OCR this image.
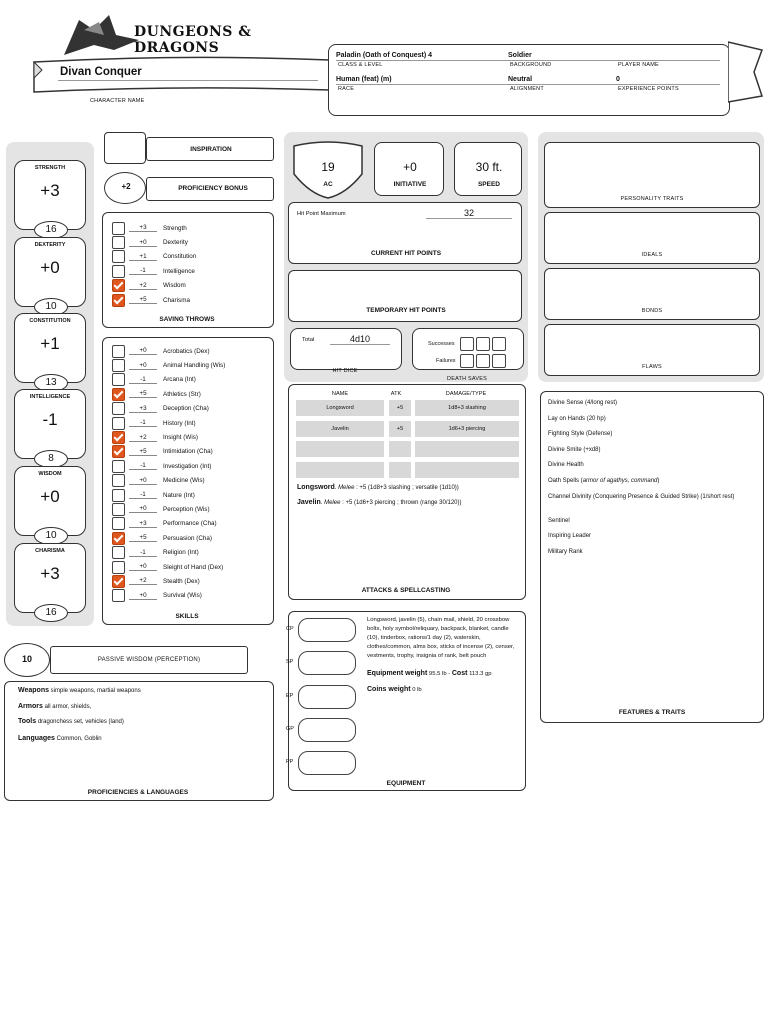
DUNGEONS & DRAGONS
Divan Conquer
CHARACTER NAME
Paladin (Oath of Conquest) 4
CLASS & LEVEL
Soldier
BACKGROUND	PLAYER NAME
Human (feat) (m)
RACE
Neutral
ALIGNMENT
0
EXPERIENCE POINTS
STRENGTH
+3
16
DEXTERITY
+0
10
CONSTITUTION
+1
13
INTELLIGENCE
-1
8
WISDOM
+0
10
CHARISMA
+3
16
INSPIRATION
+2	PROFICIENCY BONUS
+3	Strength
+0	Dexterity
+1	Constitution
-1	Intelligence
+2	Wisdom
+5	Charisma
SAVING THROWS
+0	Acrobatics (Dex)
+0	Animal Handling (Wis)
-1	Arcana (Int)
+5	Athletics (Str)
+3	Deception (Cha)
-1	History (Int)
+2	Insight (Wis)
+5	Intimidation (Cha)
-1	Investigation (Int)
+0	Medicine (Wis)
-1	Nature (Int)
+0	Perception (Wis)
+3	Performance (Cha)
+5	Persuasion (Cha)
-1	Religion (Int)
+0	Sleight of Hand (Dex)
+2	Stealth (Dex)
+0	Survival (Wis)
SKILLS
10	PASSIVE WISDOM (PERCEPTION)
Weapons simple weapons, martial weapons
Armors all armor, shields,
Tools dragonchess set, vehicles (land)
Languages Common, Goblin
PROFICIENCIES & LANGUAGES
19
AC
+0
INITIATIVE
30 ft.
SPEED
Hit Point Maximum	32
CURRENT HIT POINTS
TEMPORARY HIT POINTS
Total	4d10
HIT DICE
Successes
Failures
DEATH SAVES
NAME	ATK	DAMAGE/TYPE
Longsword. Melee : +5 (1d8+3 slashing ; versatile (1d10))
Javelin. Melee : +5 (1d6+3 piercing ; thrown (range 30/120))
ATTACKS & SPELLCASTING
Longsword, javelin (5), chain mail, shield, 20 crossbow bolts, holy symbol/reliquary, backpack, blanket, candle (10), tinderbox, rations/1 day (2), waterskin, clothes/common, alms box, sticks of incense (2), censer, vestments, trophy, insignia of rank, belt pouch
Equipment weight 95.5 lb - Cost 113.3 gp
Coins weight 0 lb
EQUIPMENT
PERSONALITY TRAITS
IDEALS
BONDS
FLAWS
FEATURES & TRAITS
Longsword	+5	1d8+3 slashing
Javelin	+5	1d6+3 piercing
CP
SP
EP
GP
PP
Divine Sense (4/long rest)
Lay on Hands (20 hp)
Fighting Style (Defense)
Divine Smite (+xd8)
Divine Health
Oath Spells (armor of agathys, command)
Channel Divinity (Conquering Presence & Guided Strike) (1/short rest)
Sentinel
Inspiring Leader
Military Rank
